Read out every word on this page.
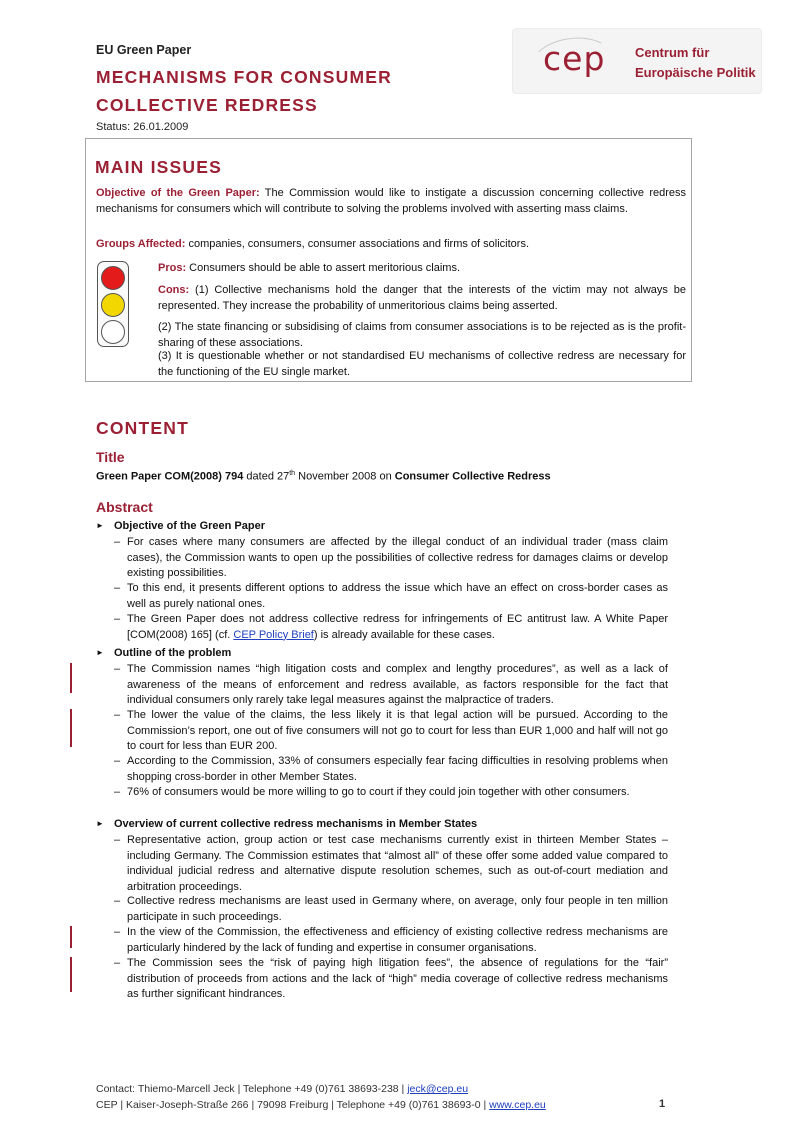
EU Green Paper
MECHANISMS FOR CONSUMER COLLECTIVE REDRESS
Status: 26.01.2009
cep Centrum für
Europäische Politik
MAIN ISSUES
Objective of the Green Paper: The Commission would like to instigate a discussion concerning collective redress mechanisms for consumers which will contribute to solving the problems involved with asserting mass claims.
Groups Affected: companies, consumers, consumer associations and firms of solicitors.
Pros: Consumers should be able to assert meritorious claims.
Cons: (1) Collective mechanisms hold the danger that the interests of the victim may not always be represented. They increase the probability of unmeritorious claims being asserted.
(2) The state financing or subsidising of claims from consumer associations is to be rejected as is the profit-sharing of these associations.
(3) It is questionable whether or not standardised EU mechanisms of collective redress are necessary for the functioning of the EU single market.
CONTENT
Title
Green Paper COM(2008) 794 dated 27th November 2008 on Consumer Collective Redress
Abstract
► Objective of the Green Paper
– For cases where many consumers are affected by the illegal conduct of an individual trader (mass claim cases), the Commission wants to open up the possibilities of collective redress for damages claims or develop existing possibilities.
– To this end, it presents different options to address the issue which have an effect on cross-border cases as well as purely national ones.
– The Green Paper does not address collective redress for infringements of EC antitrust law. A White Paper [COM(2008) 165] (cf. CEP Policy Brief) is already available for these cases.
► Outline of the problem
– The Commission names “high litigation costs and complex and lengthy procedures”, as well as a lack of awareness of the means of enforcement and redress available, as factors responsible for the fact that individual consumers only rarely take legal measures against the malpractice of traders.
– The lower the value of the claims, the less likely it is that legal action will be pursued. According to the Commission’s report, one out of five consumers will not go to court for less than EUR 1,000 and half will not go to court for less than EUR 200.
– According to the Commission, 33% of consumers especially fear facing difficulties in resolving problems when shopping cross-border in other Member States.
– 76% of consumers would be more willing to go to court if they could join together with other consumers.
► Overview of current collective redress mechanisms in Member States
– Representative action, group action or test case mechanisms currently exist in thirteen Member States – including Germany. The Commission estimates that “almost all” of these offer some added value compared to individual judicial redress and alternative dispute resolution schemes, such as out-of-court mediation and arbitration proceedings.
– Collective redress mechanisms are least used in Germany where, on average, only four people in ten million participate in such proceedings.
– In the view of the Commission, the effectiveness and efficiency of existing collective redress mechanisms are particularly hindered by the lack of funding and expertise in consumer organisations.
– The Commission sees the “risk of paying high litigation fees”, the absence of regulations for the “fair” distribution of proceeds from actions and the lack of “high” media coverage of collective redress mechanisms as further significant hindrances.
Contact: Thiemo-Marcell Jeck | Telephone +49 (0)761 38693-238 | jeck@cep.eu
CEP | Kaiser-Joseph-Straße 266 | 79098 Freiburg | Telephone +49 (0)761 38693-0 | www.cep.eu	1
